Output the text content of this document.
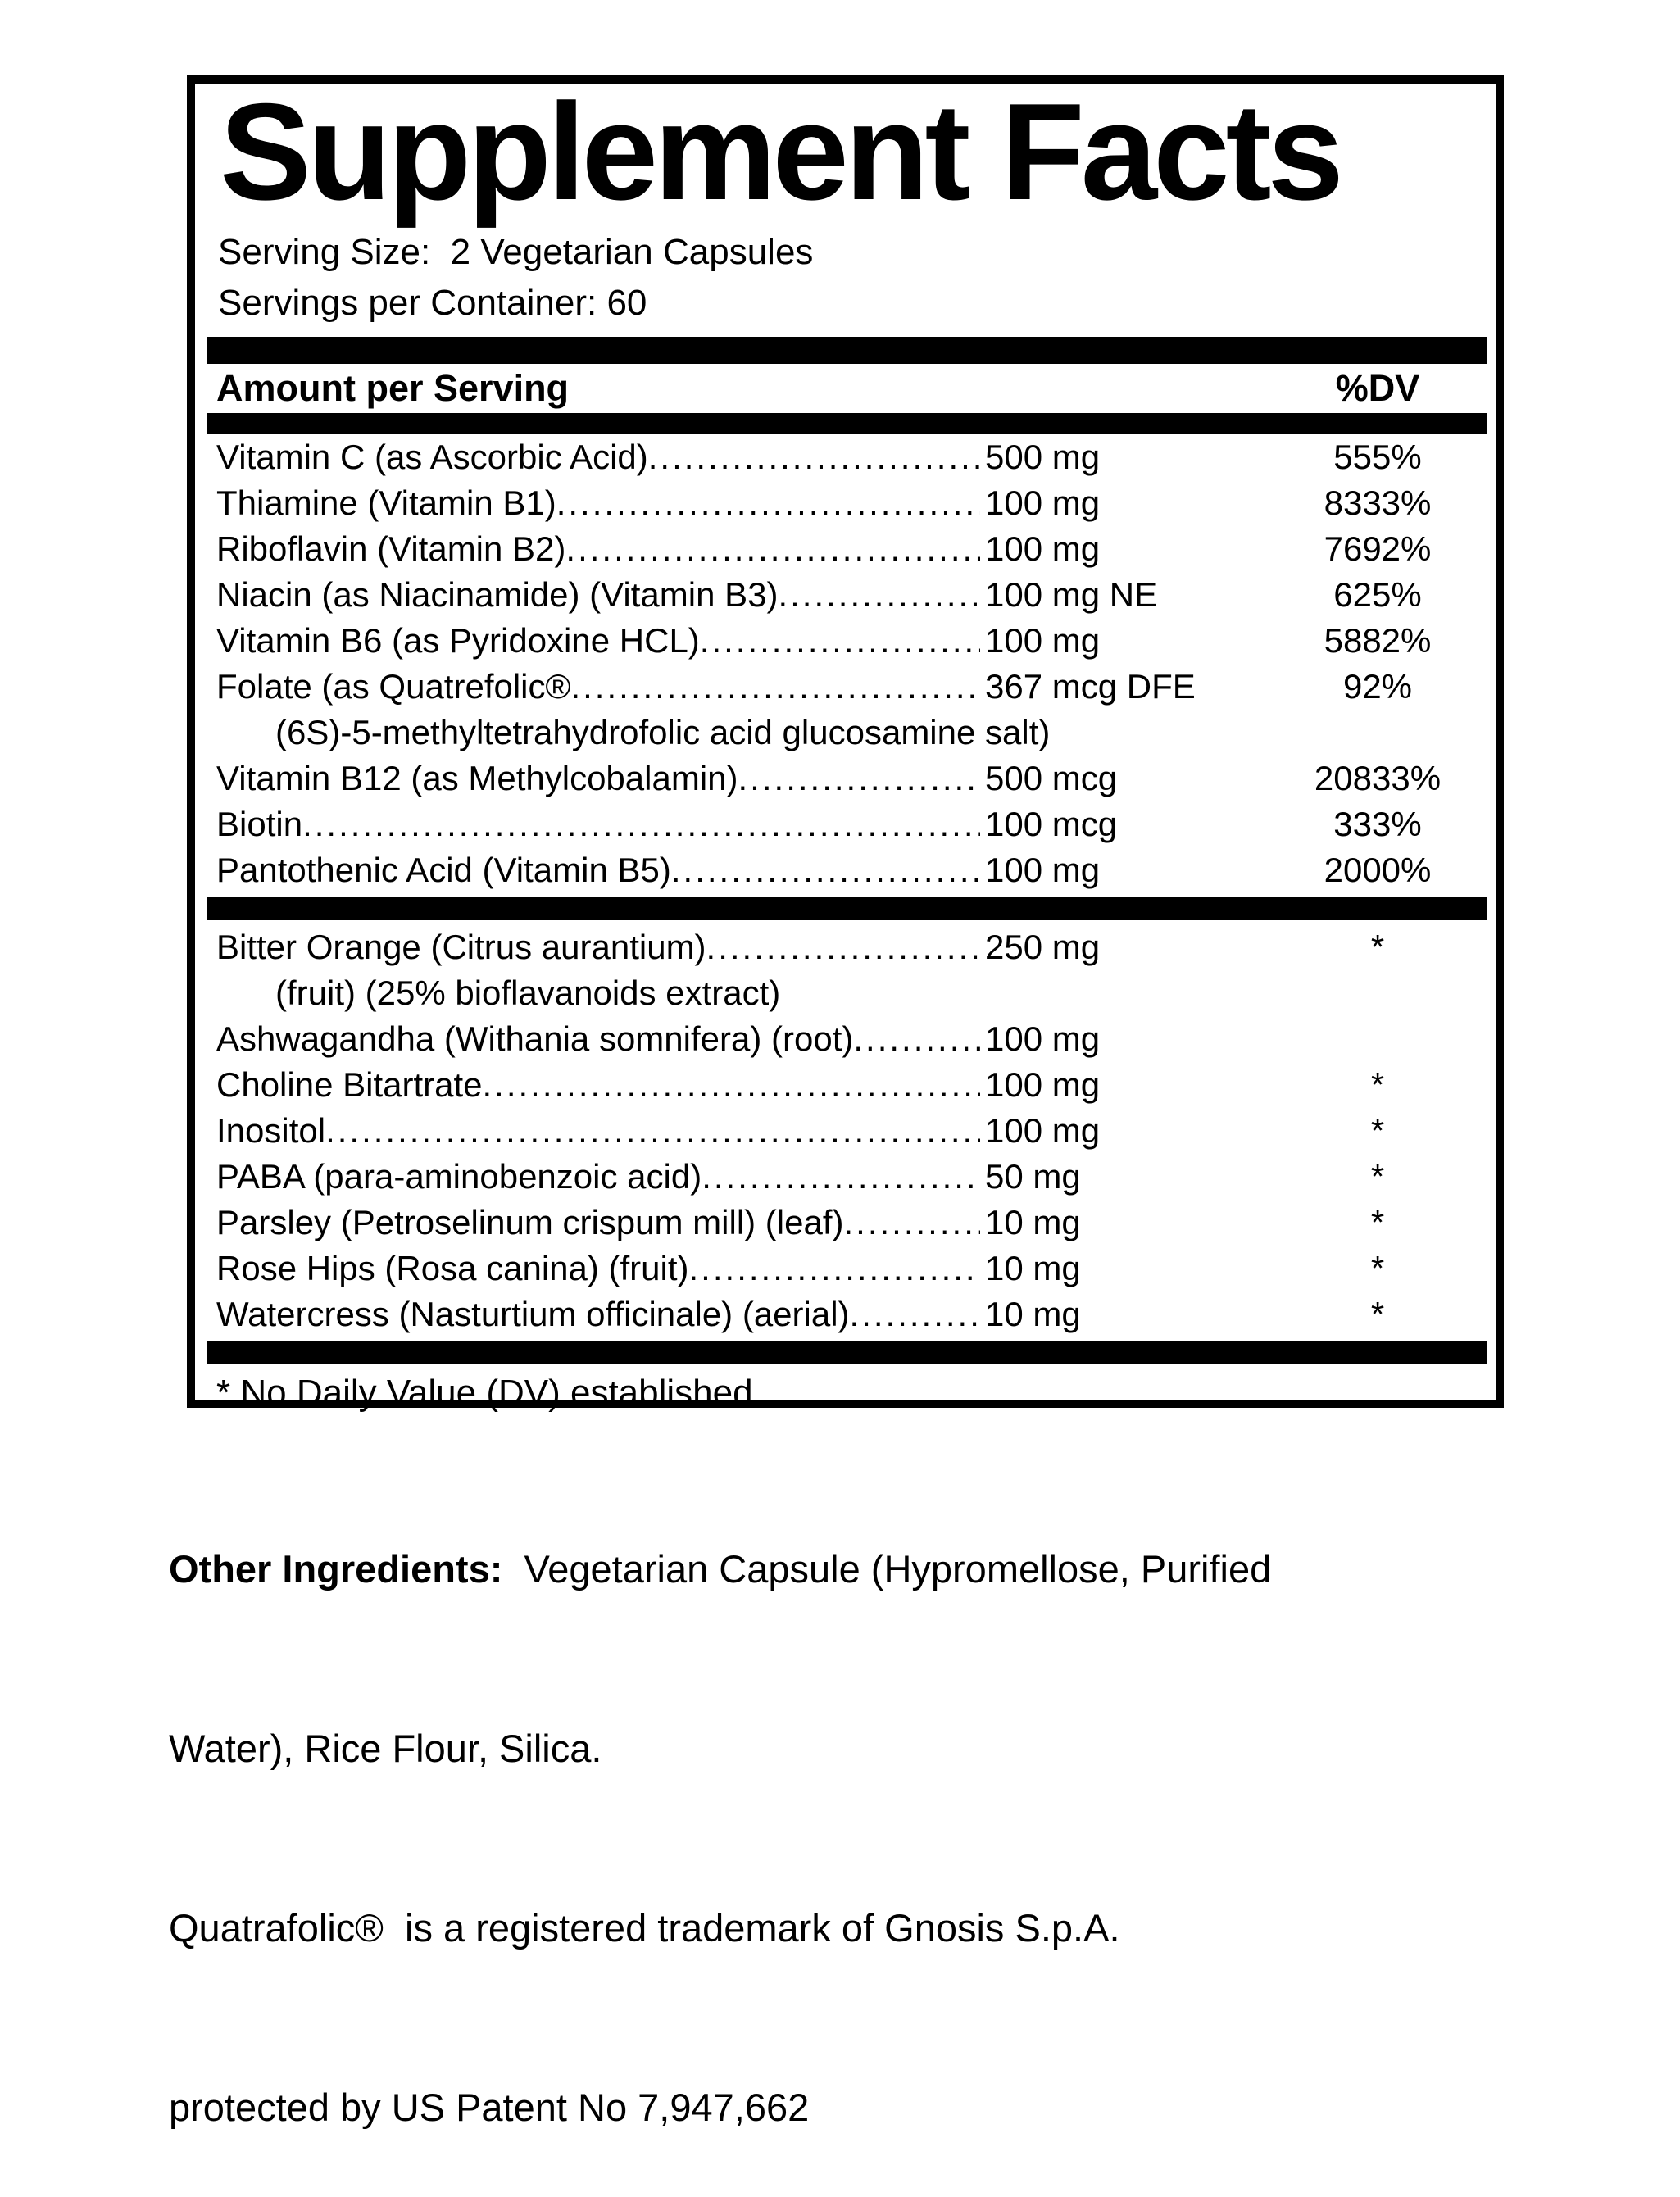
Supplement Facts
Serving Size:  2 Vegetarian Capsules
Servings per Container: 60
Amount per Serving	%DV
Vitamin C (as Ascorbic Acid) .....	500 mg	555%
Thiamine (Vitamin B1) .....	100 mg	8333%
Riboflavin (Vitamin B2) .....	100 mg	7692%
Niacin (as Niacinamide) (Vitamin B3) .....	100 mg NE	625%
Vitamin B6 (as Pyridoxine HCL) .....	100 mg	5882%
Folate (as Quatrefolic® .....	367 mcg DFE	92%
(6S)-5-methyltetrahydrofolic acid glucosamine salt)
Vitamin B12 (as Methylcobalamin) .....	500 mcg	20833%
Biotin .....	100 mcg	333%
Pantothenic Acid (Vitamin B5) .....	100 mg	2000%
Bitter Orange (Citrus aurantium) .....	250 mg	*
(fruit) (25% bioflavanoids extract)
Ashwagandha (Withania somnifera) (root) .....	100 mg
Choline Bitartrate .....	100 mg	*
Inositol .....	100 mg	*
PABA (para-aminobenzoic acid) .....	50 mg	*
Parsley (Petroselinum crispum mill) (leaf) .....	10 mg	*
Rose Hips (Rosa canina) (fruit) .....	10 mg	*
Watercress (Nasturtium officinale) (aerial) .....	10 mg	*
* No Daily Value (DV) established

Other Ingredients:  Vegetarian Capsule (Hypromellose, Purified

Water), Rice Flour, Silica.

Quatrafolic®  is a registered trademark of Gnosis S.p.A.

protected by US Patent No 7,947,662
